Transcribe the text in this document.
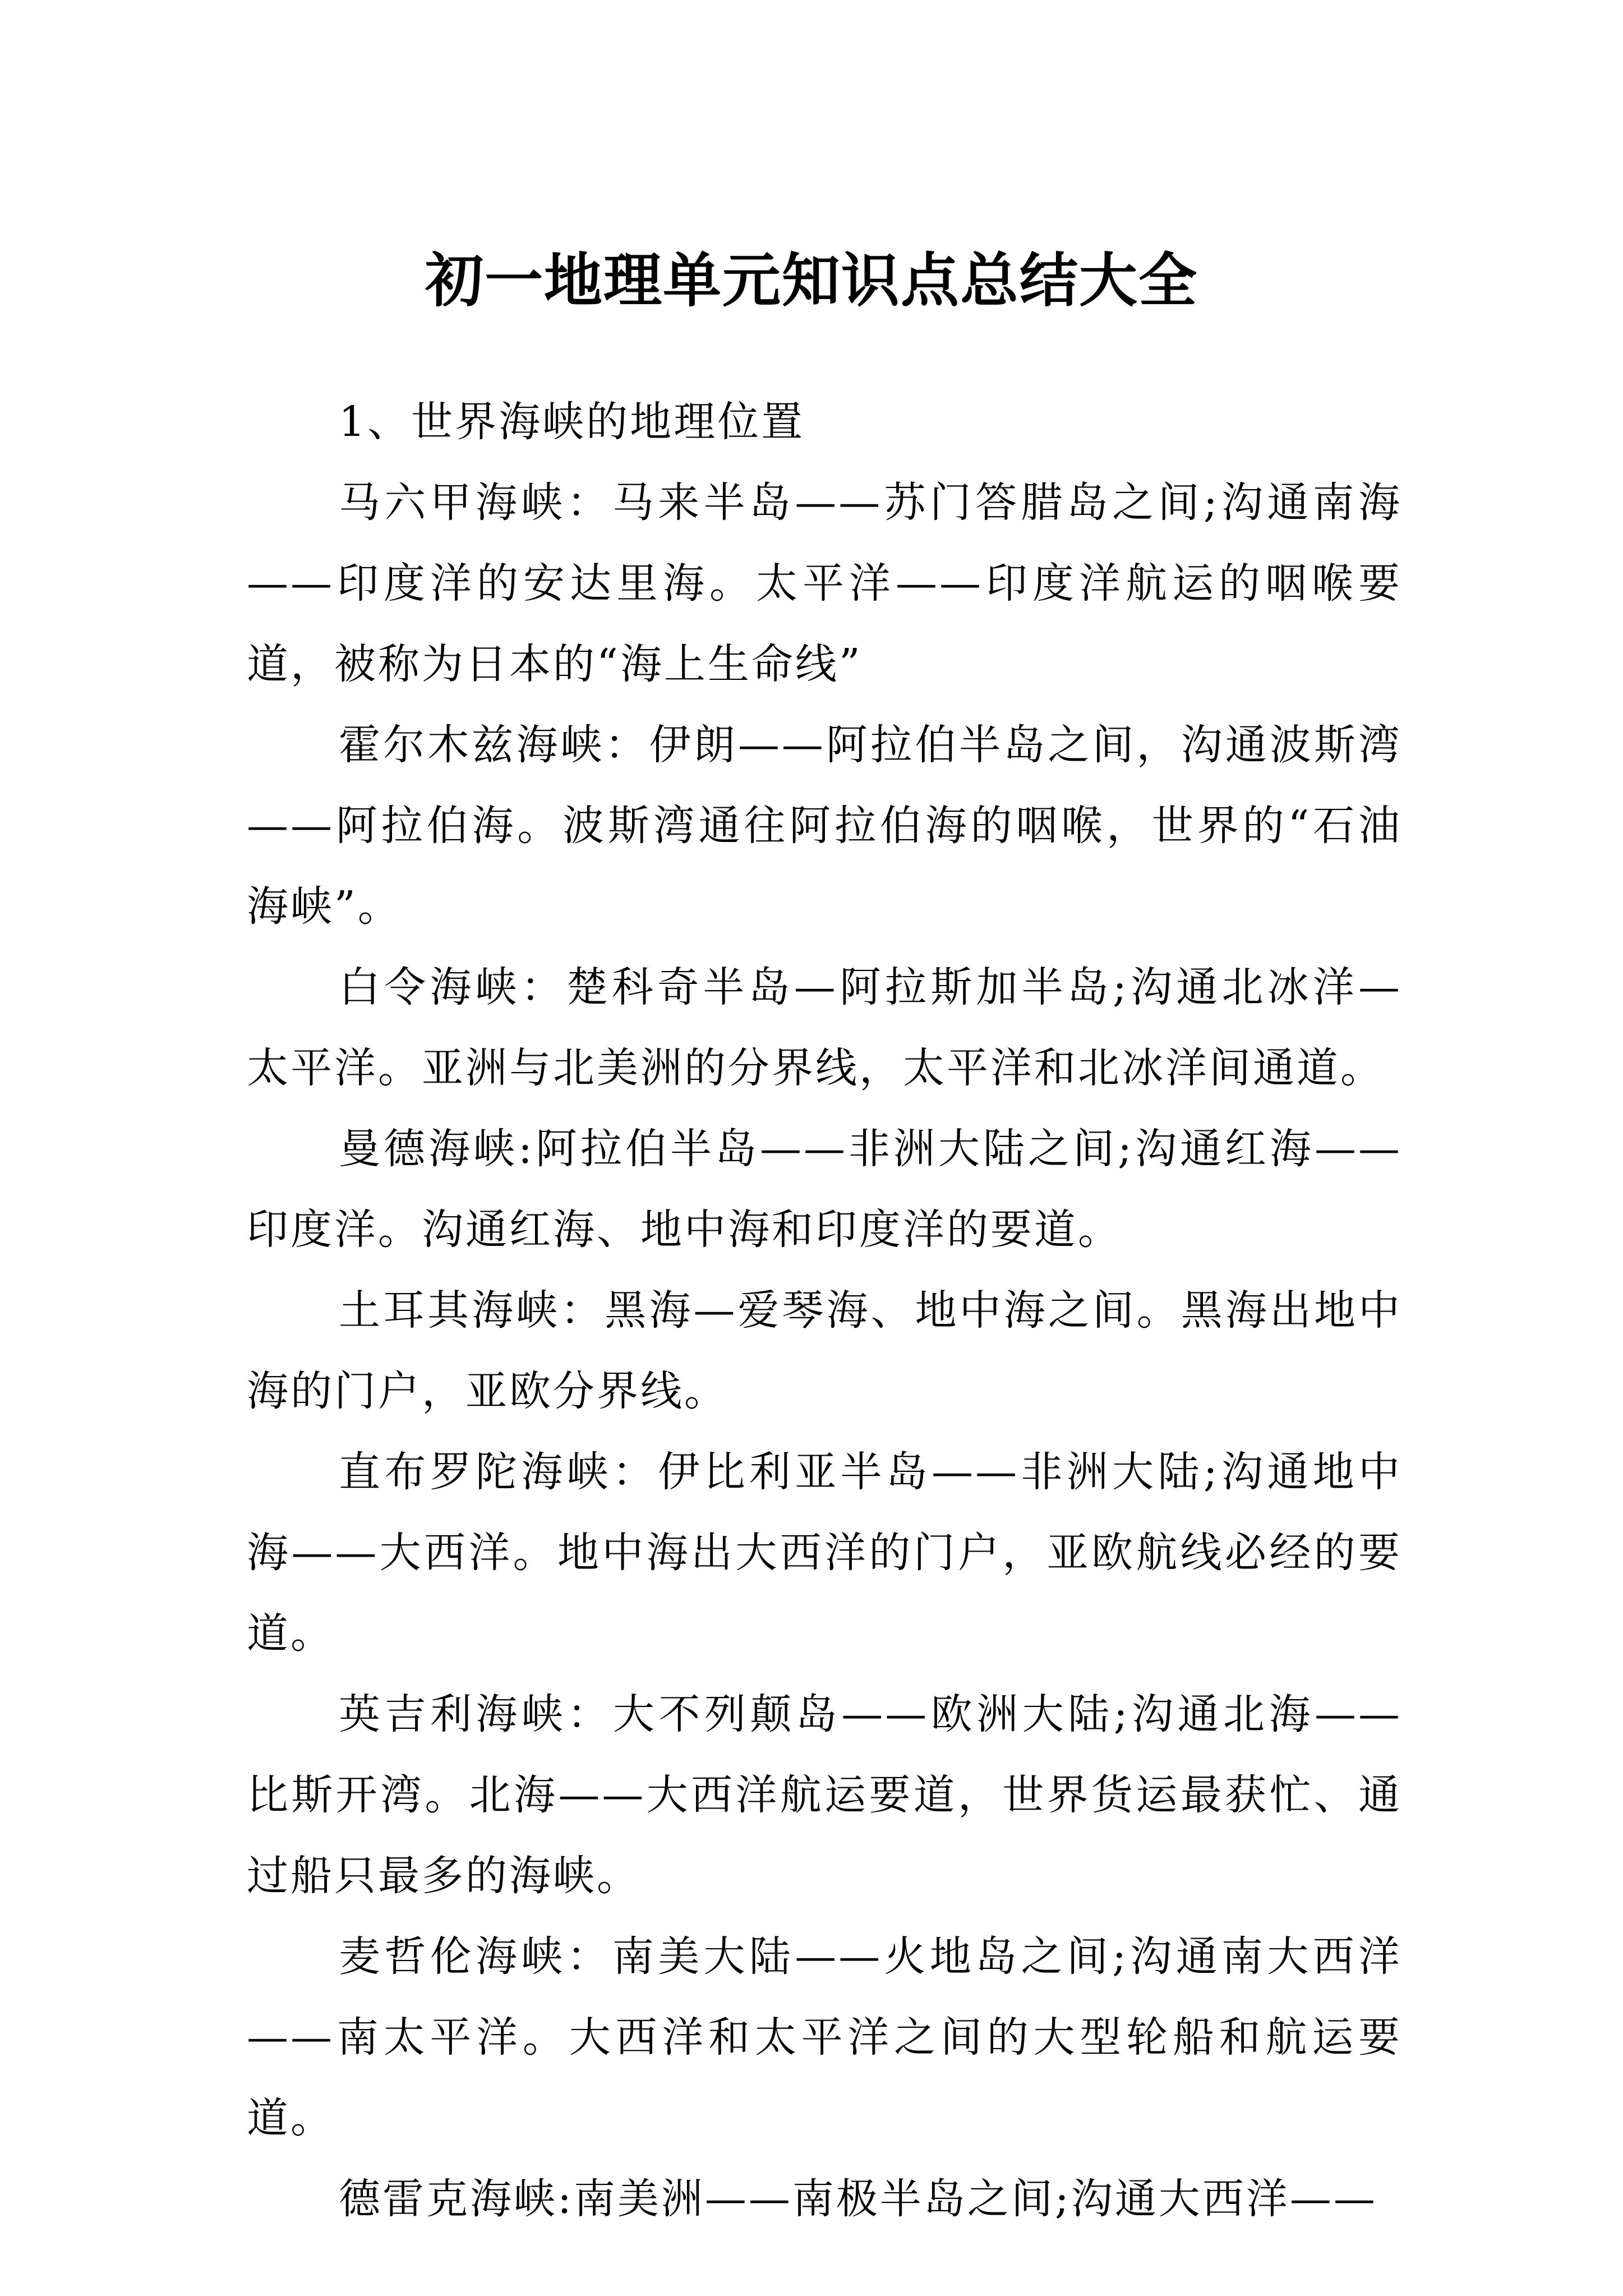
初一地理单元知识点总结大全

1、世界海峡的地理位置

马六甲海峡：马来半岛——苏门答腊岛之间;沟通南海——印度洋的安达里海。太平洋——印度洋航运的咽喉要道，被称为日本的“海上生命线”

霍尔木兹海峡：伊朗——阿拉伯半岛之间，沟通波斯湾——阿拉伯海。波斯湾通往阿拉伯海的咽喉，世界的“石油海峡”。

白令海峡：楚科奇半岛—阿拉斯加半岛;沟通北冰洋—太平洋。亚洲与北美洲的分界线，太平洋和北冰洋间通道。

曼德海峡:阿拉伯半岛——非洲大陆之间;沟通红海——印度洋。沟通红海、地中海和印度洋的要道。

土耳其海峡：黑海—爱琴海、地中海之间。黑海出地中海的门户，亚欧分界线。

直布罗陀海峡：伊比利亚半岛——非洲大陆;沟通地中海——大西洋。地中海出大西洋的门户，亚欧航线必经的要道。

英吉利海峡：大不列颠岛——欧洲大陆;沟通北海——比斯开湾。北海——大西洋航运要道，世界货运最获忙、通过船只最多的海峡。

麦哲伦海峡：南美大陆——火地岛之间;沟通南大西洋——南太平洋。大西洋和太平洋之间的大型轮船和航运要道。

德雷克海峡:南美洲——南极半岛之间;沟通大西洋——
